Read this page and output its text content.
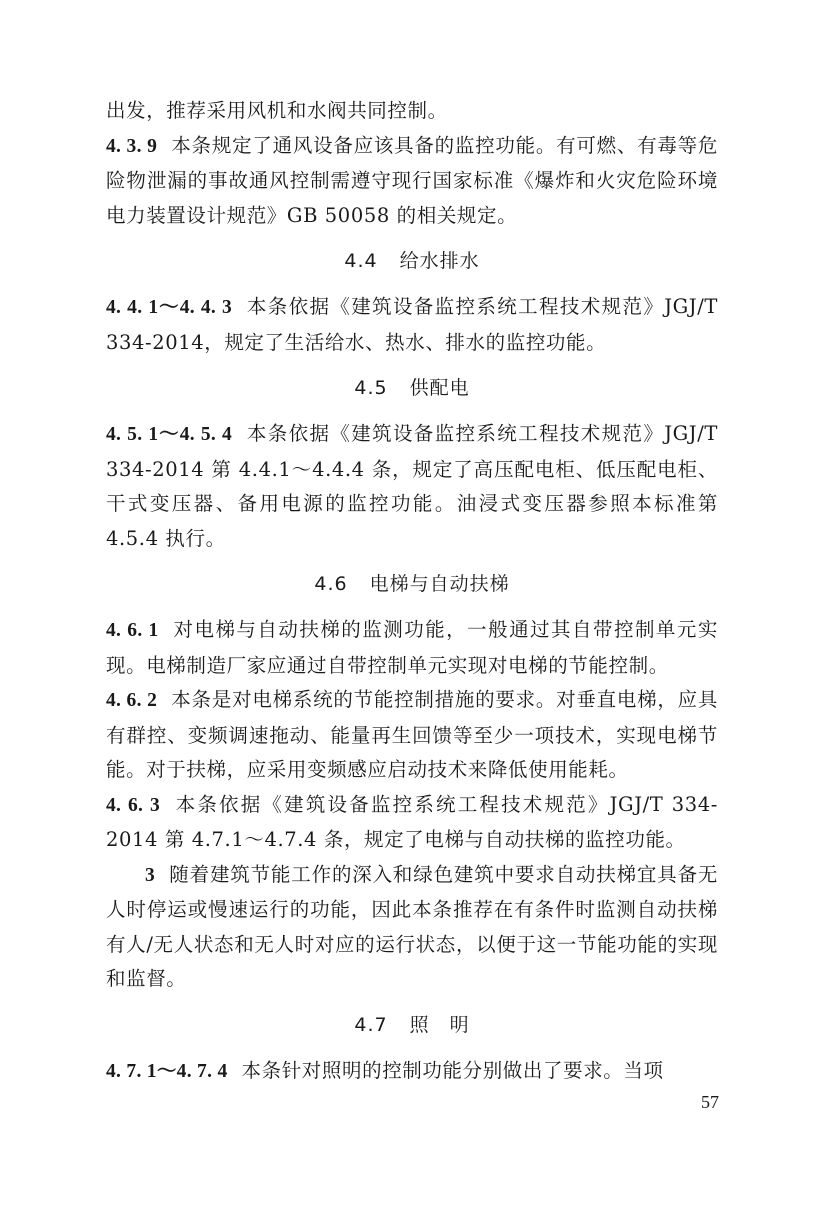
出发，推荐采用风机和水阀共同控制。

4. 3. 9 本条规定了通风设备应该具备的监控功能。有可燃、有毒等危险物泄漏的事故通风控制需遵守现行国家标准《爆炸和火灾危险环境电力装置设计规范》GB 50058 的相关规定。

4.4 给水排水

4. 4. 1～4. 4. 3 本条依据《建筑设备监控系统工程技术规范》JGJ/T 334-2014，规定了生活给水、热水、排水的监控功能。

4.5 供配电

4. 5. 1～4. 5. 4 本条依据《建筑设备监控系统工程技术规范》JGJ/T 334-2014 第 4.4.1～4.4.4 条，规定了高压配电柜、低压配电柜、干式变压器、备用电源的监控功能。油浸式变压器参照本标准第 4.5.4 执行。

4.6 电梯与自动扶梯

4. 6. 1 对电梯与自动扶梯的监测功能，一般通过其自带控制单元实现。电梯制造厂家应通过自带控制单元实现对电梯的节能控制。

4. 6. 2 本条是对电梯系统的节能控制措施的要求。对垂直电梯，应具有群控、变频调速拖动、能量再生回馈等至少一项技术，实现电梯节能。对于扶梯，应采用变频感应启动技术来降低使用能耗。

4. 6. 3 本条依据《建筑设备监控系统工程技术规范》JGJ/T 334-2014 第 4.7.1～4.7.4 条，规定了电梯与自动扶梯的监控功能。

3 随着建筑节能工作的深入和绿色建筑中要求自动扶梯宜具备无人时停运或慢速运行的功能，因此本条推荐在有条件时监测自动扶梯有人/无人状态和无人时对应的运行状态，以便于这一节能功能的实现和监督。

4.7 照　明

4. 7. 1～4. 7. 4 本条针对照明的控制功能分别做出了要求。当项

57
